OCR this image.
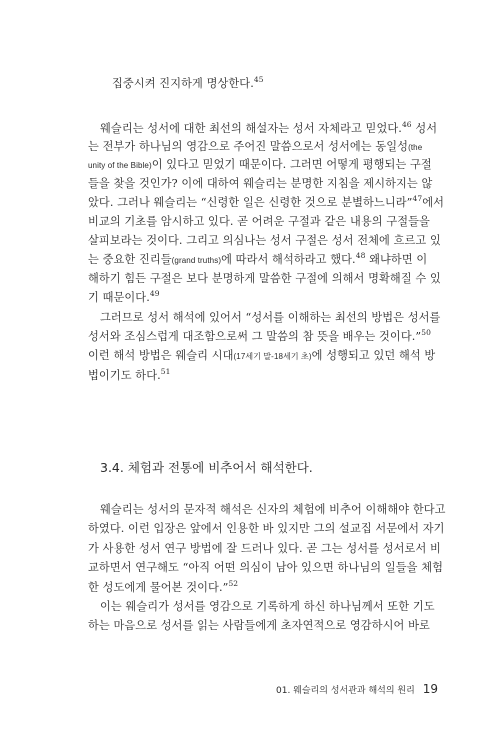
집중시켜 진지하게 명상한다.$^{45}$
웨슬리는 성서에 대한 최선의 해설자는 성서 자체라고 믿었다.$^{46}$ 성서
는 전부가 하나님의 영감으로 주어진 말씀으로서 성서에는 동일성(the
unity of the Bible)이 있다고 믿었기 때문이다. 그러면 어떻게 평행되는 구절
들을 찾을 것인가? 이에 대하여 웨슬리는 분명한 지침을 제시하지는 않
았다. 그러나 웨슬리는 “신령한 일은 신령한 것으로 분별하느니라”$^{47}$에서
비교의 기초를 암시하고 있다. 곧 어려운 구절과 같은 내용의 구절들을
살피보라는 것이다. 그리고 의심나는 성서 구절은 성서 전체에 흐르고 있
는 중요한 진리들(grand truths)에 따라서 해석하라고 했다.$^{48}$ 왜냐하면 이
해하기 힘든 구절은 보다 분명하게 말씀한 구절에 의해서 명확해질 수 있
기 때문이다.$^{49}$
그러므로 성서 해석에 있어서 “성서를 이해하는 최선의 방법은 성서를
성서와 조심스럽게 대조함으로써 그 말씀의 참 뜻을 배우는 것이다.”$^{50}$
이런 해석 방법은 웨슬리 시대(17세기 말-18세기 초)에 성행되고 있던 해석 방
법이기도 하다.$^{51}$
3.4. 체험과 전통에 비추어서 해석한다.
웨슬리는 성서의 문자적 해석은 신자의 체험에 비추어 이해해야 한다고
하였다. 이런 입장은 앞에서 인용한 바 있지만 그의 설교집 서문에서 자기
가 사용한 성서 연구 방법에 잘 드러나 있다. 곧 그는 성서를 성서로서 비
교하면서 연구해도 “아직 어떤 의심이 남아 있으면 하나님의 일들을 체험
한 성도에게 물어본 것이다.”$^{52}$
이는 웨슬리가 성서를 영감으로 기록하게 하신 하나님께서 또한 기도
하는 마음으로 성서를 읽는 사람들에게 초자연적으로 영감하시어 바로
01. 웨슬리의 성서관과 해석의 원리 19
